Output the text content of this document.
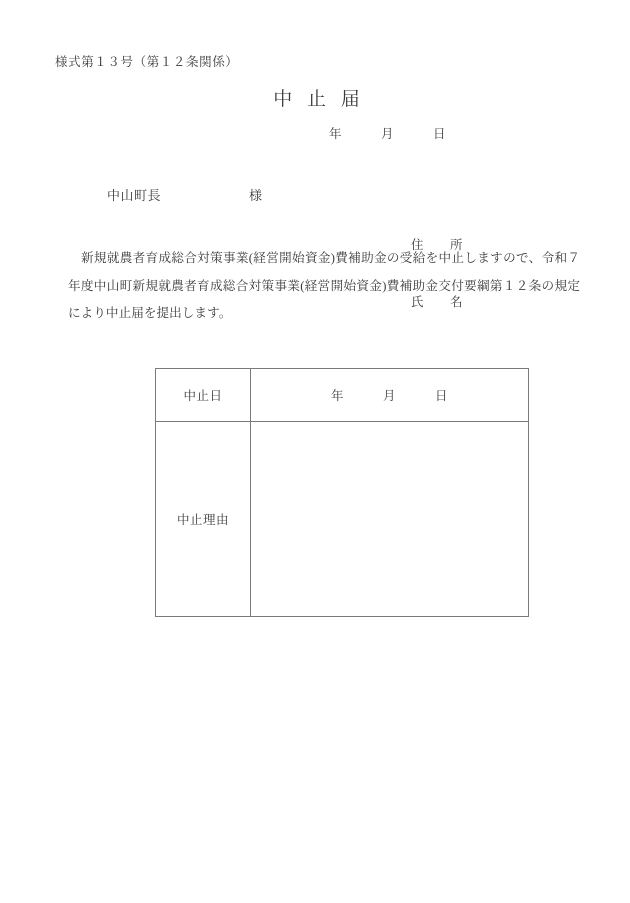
様式第１３号（第１２条関係）
中 止 届
年　　　月　　　日

中山町長	様

住　　所

氏　　名

新規就農者育成総合対策事業(経営開始資金)費補助金の受給を中止しますので、令和７年度中山町新規就農者育成総合対策事業(経営開始資金)費補助金交付要綱第１２条の規定により中止届を提出します。

中止日	年　　　月　　　日
中止理由	
